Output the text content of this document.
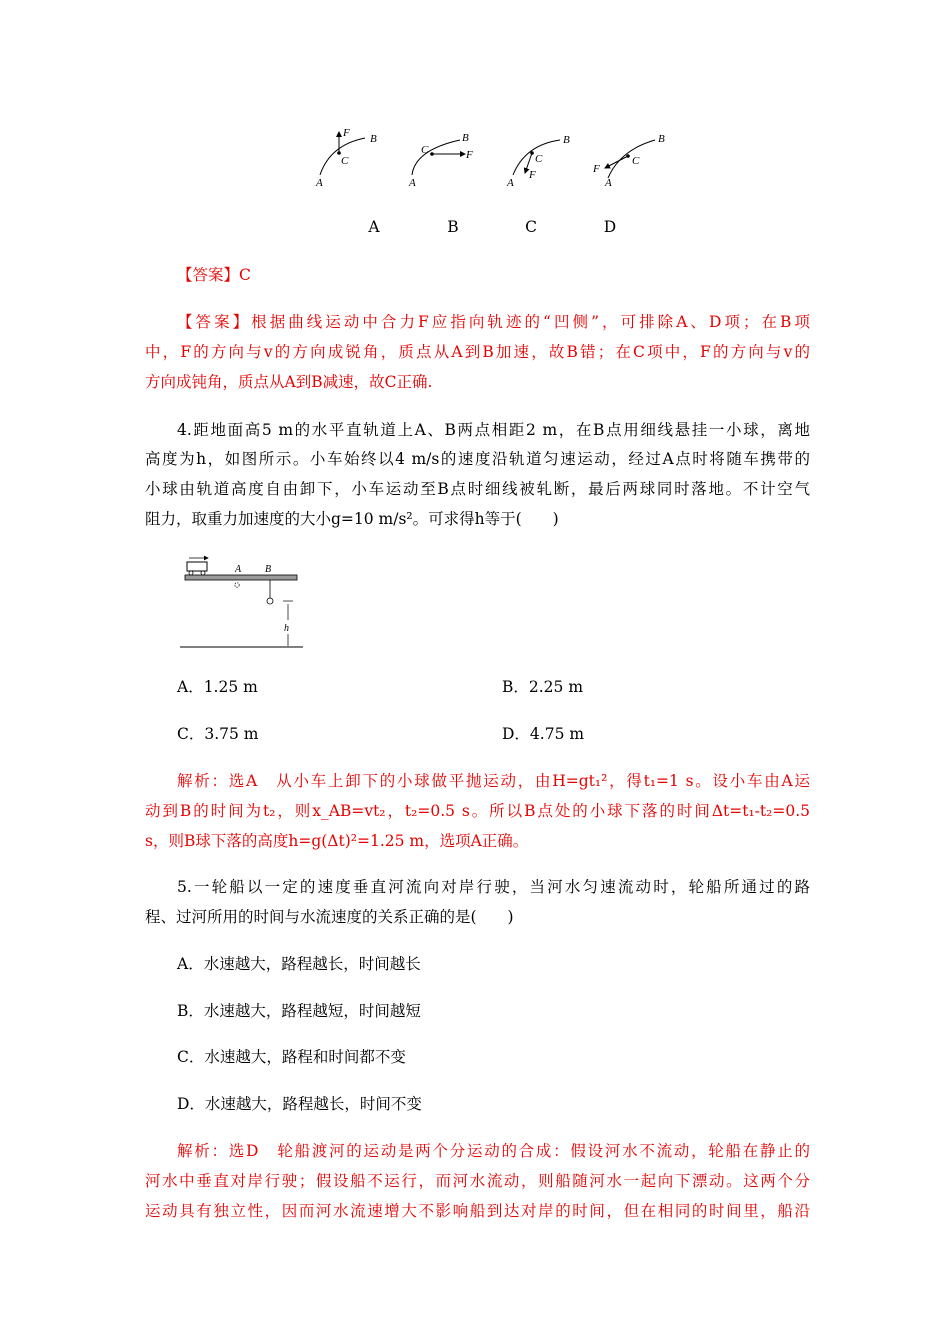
F B
C
A
F
B
C
A
F
B
C
A
F
B
C
A
A	B	C	D
【答案】C
【答案】根据曲线运动中合力F应指向轨迹的“凹侧”，可排除A、D项；在B项
中，F的方向与v的方向成锐角，质点从A到B加速，故B错；在C项中，F的方向与v的
方向成钝角，质点从A到B减速，故C正确.
4.距地面高5 m的水平直轨道上A、B两点相距2 m，在B点用细线悬挂一小球，离地
高度为h，如图所示。小车始终以4 m/s的速度沿轨道匀速运动，经过A点时将随车携带的
小球由轨道高度自由卸下，小车运动至B点时细线被轧断，最后两球同时落地。不计空气
阻力，取重力加速度的大小g=10 m/s²。可求得h等于(　　)
A B
h
A．1.25 m	B．2.25 m
C．3.75 m	D．4.75 m
解析：选A　从小车上卸下的小球做平抛运动，由H=gt₁²，得t₁=1 s。设小车由A运
动到B的时间为t₂，则x_AB=vt₂，t₂=0.5 s。所以B点处的小球下落的时间Δt=t₁-t₂=0.5
s，则B球下落的高度h=g(Δt)²=1.25 m，选项A正确。
5.一轮船以一定的速度垂直河流向对岸行驶，当河水匀速流动时，轮船所通过的路
程、过河所用的时间与水流速度的关系正确的是(　　)
A．水速越大，路程越长，时间越长
B．水速越大，路程越短，时间越短
C．水速越大，路程和时间都不变
D．水速越大，路程越长，时间不变
解析：选D　轮船渡河的运动是两个分运动的合成：假设河水不流动，轮船在静止的
河水中垂直对岸行驶；假设船不运行，而河水流动，则船随河水一起向下漂动。这两个分
运动具有独立性，因而河水流速增大不影响船到达对岸的时间，但在相同的时间里，船沿
